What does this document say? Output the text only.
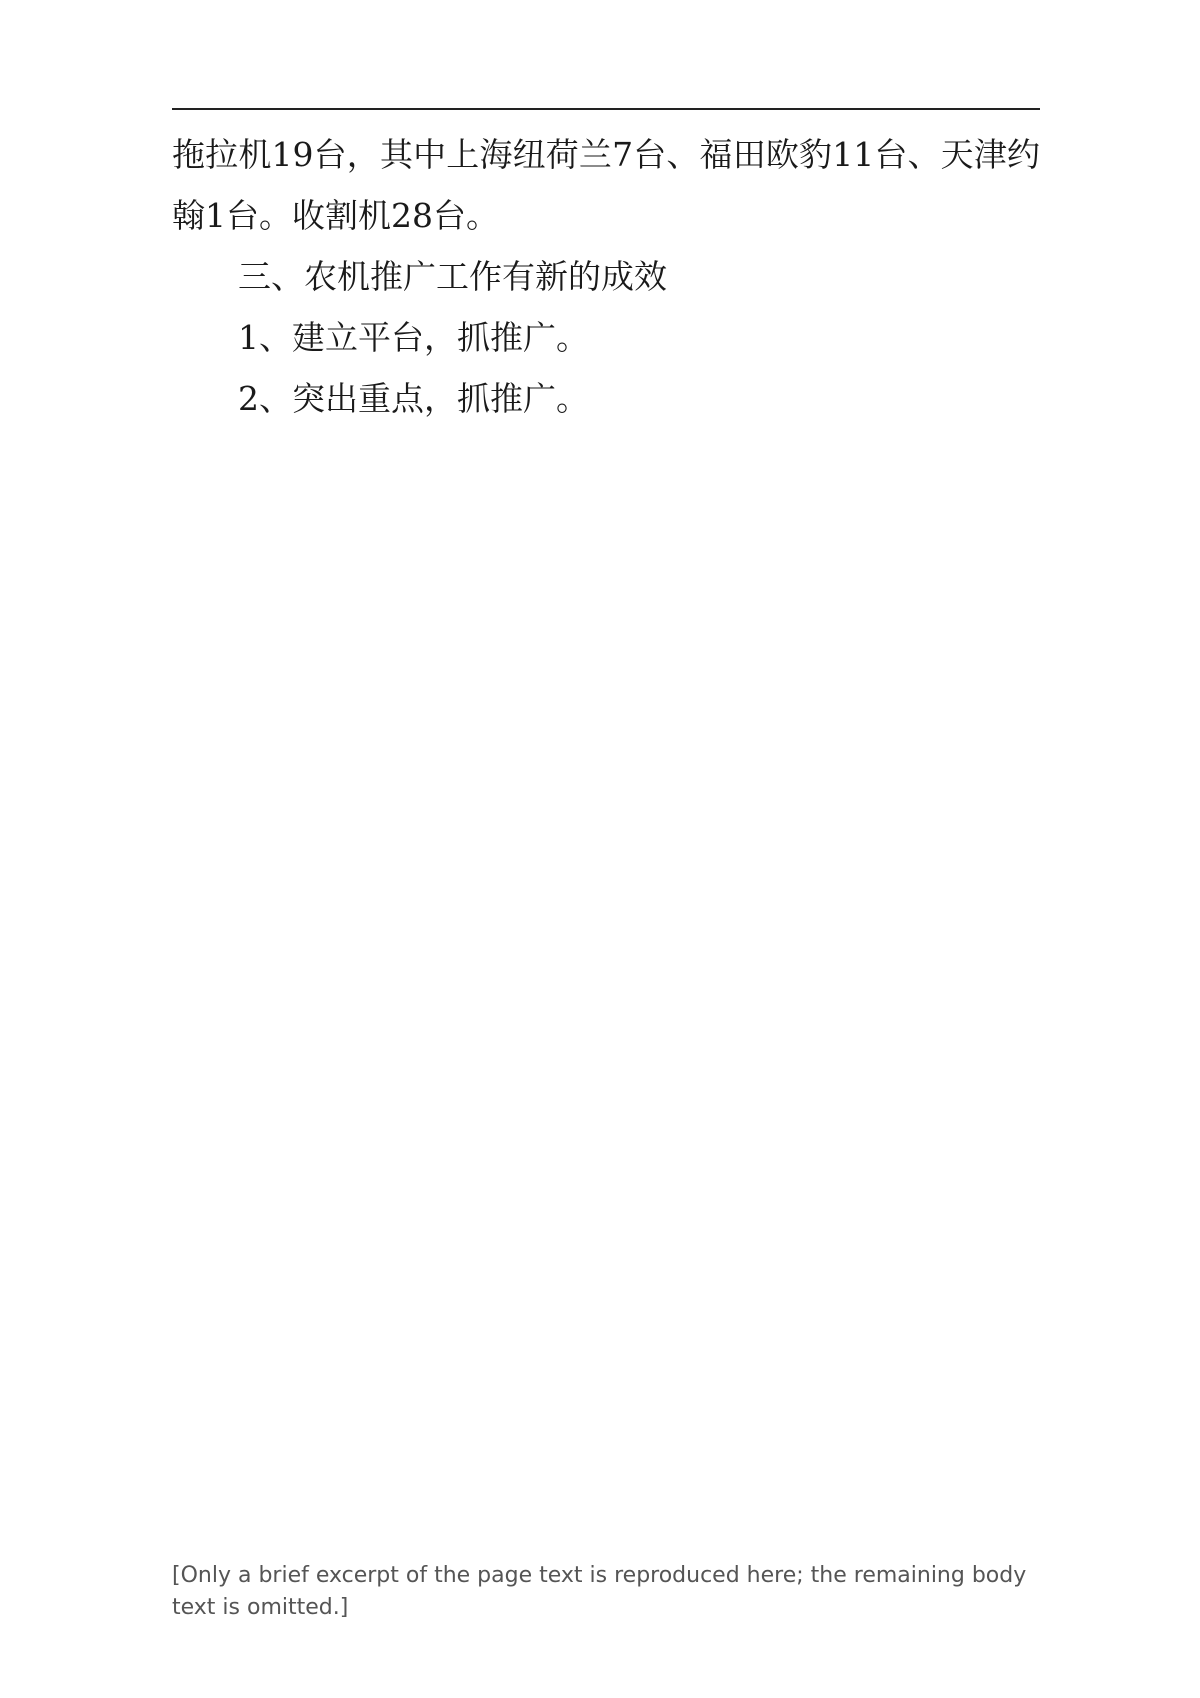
拖拉机19台，其中上海纽荷兰7台、福田欧豹11台、天津约翰1台。收割机28台。

三、农机推广工作有新的成效

1、建立平台，抓推广。

2、突出重点，抓推广。

[Only a brief excerpt of the page text is reproduced here; the remaining body text is omitted.]
